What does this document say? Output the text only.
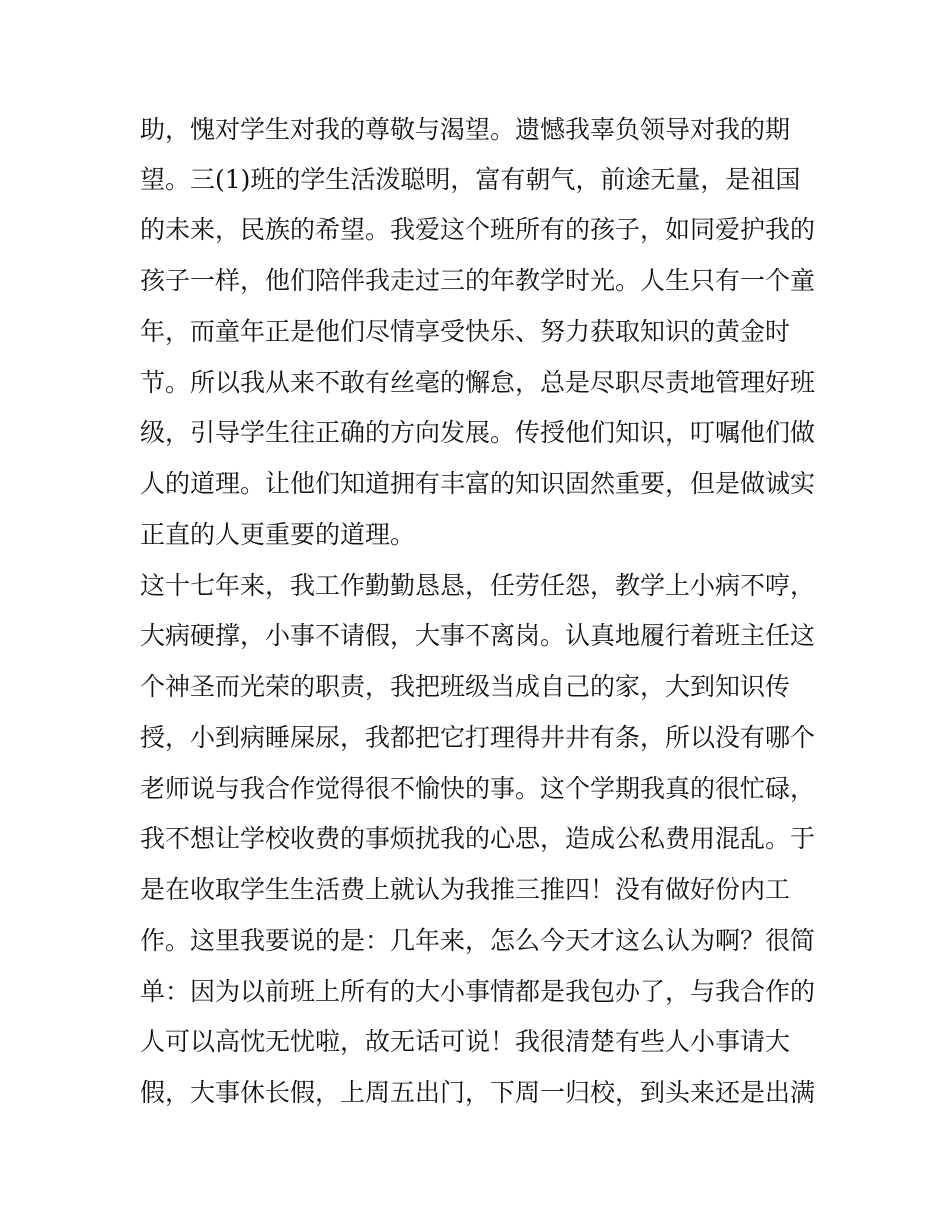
助，愧对学生对我的尊敬与渴望。遗憾我辜负领导对我的期
望。三(1)班的学生活泼聪明，富有朝气，前途无量，是祖国
的未来，民族的希望。我爱这个班所有的孩子，如同爱护我的
孩子一样，他们陪伴我走过三的年教学时光。人生只有一个童
年，而童年正是他们尽情享受快乐、努力获取知识的黄金时
节。所以我从来不敢有丝毫的懈怠，总是尽职尽责地管理好班
级，引导学生往正确的方向发展。传授他们知识，叮嘱他们做
人的道理。让他们知道拥有丰富的知识固然重要，但是做诚实
正直的人更重要的道理。
这十七年来，我工作勤勤恳恳，任劳任怨，教学上小病不哼，
大病硬撑，小事不请假，大事不离岗。认真地履行着班主任这
个神圣而光荣的职责，我把班级当成自己的家，大到知识传
授，小到病睡屎尿，我都把它打理得井井有条，所以没有哪个
老师说与我合作觉得很不愉快的事。这个学期我真的很忙碌，
我不想让学校收费的事烦扰我的心思，造成公私费用混乱。于
是在收取学生生活费上就认为我推三推四！没有做好份内工
作。这里我要说的是：几年来，怎么今天才这么认为啊？很简
单：因为以前班上所有的大小事情都是我包办了，与我合作的
人可以高忱无忧啦，故无话可说！我很清楚有些人小事请大
假，大事休长假，上周五出门，下周一归校，到头来还是出满
